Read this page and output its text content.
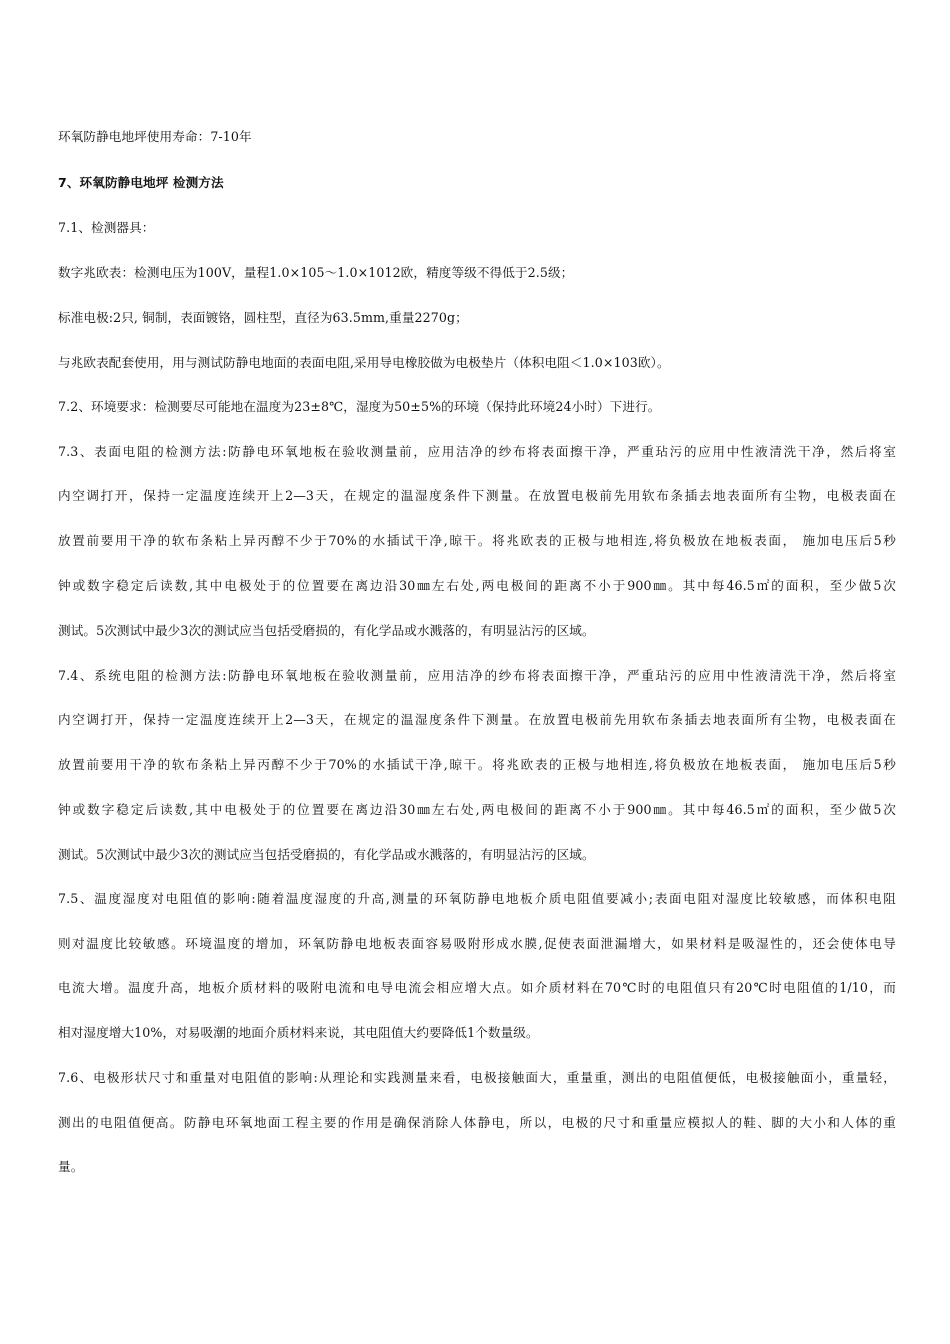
环氧防静电地坪使用寿命：7-10年
7、环氧防静电地坪 检测方法
7.1、检测器具：
数字兆欧表：检测电压为100V，量程1.0×105～1.0×1012欧，精度等级不得低于2.5级；
标准电极:2只, 铜制，表面镀铬，圆柱型，直径为63.5mm,重量2270g；
与兆欧表配套使用，用与测试防静电地面的表面电阻,采用导电橡胶做为电极垫片（体积电阻＜1.0×103欧）。
7.2、环境要求：检测要尽可能地在温度为23±8℃，湿度为50±5%的环境（保持此环境24小时）下进行。
7.3、表面电阻的检测方法:防静电环氧地板在验收测量前，应用洁净的纱布将表面擦干净，严重玷污的应用中性液清洗干净，然后将室
内空调打开，保持一定温度连续开上2—3天，在规定的温湿度条件下测量。在放置电极前先用软布条插去地表面所有尘物，电极表面在
放置前要用干净的软布条粘上异丙醇不少于70%的水插试干净,晾干。将兆欧表的正极与地相连,将负极放在地板表面， 施加电压后5秒
钟或数字稳定后读数,其中电极处于的位置要在离边沿30㎜左右处,两电极间的距离不小于900㎜。其中每46.5㎡的面积，至少做5次
测试。5次测试中最少3次的测试应当包括受磨损的，有化学品或水溅落的，有明显沾污的区域。
7.4、系统电阻的检测方法:防静电环氧地板在验收测量前，应用洁净的纱布将表面擦干净，严重玷污的应用中性液清洗干净，然后将室
内空调打开，保持一定温度连续开上2—3天，在规定的温湿度条件下测量。在放置电极前先用软布条插去地表面所有尘物，电极表面在
放置前要用干净的软布条粘上异丙醇不少于70%的水插试干净,晾干。将兆欧表的正极与地相连,将负极放在地板表面， 施加电压后5秒
钟或数字稳定后读数,其中电极处于的位置要在离边沿30㎜左右处,两电极间的距离不小于900㎜。其中每46.5㎡的面积，至少做5次
测试。5次测试中最少3次的测试应当包括受磨损的，有化学品或水溅落的，有明显沾污的区域。
7.5、温度湿度对电阻值的影响:随着温度湿度的升高,测量的环氧防静电地板介质电阻值要减小;表面电阻对湿度比较敏感，而体积电阻
则对温度比较敏感。环境温度的增加，环氧防静电地板表面容易吸附形成水膜,促使表面泄漏增大，如果材料是吸湿性的，还会使体电导
电流大增。温度升高，地板介质材料的吸附电流和电导电流会相应增大点。如介质材料在70℃时的电阻值只有20℃时电阻值的1/10，而
相对湿度增大10%，对易吸潮的地面介质材料来说，其电阻值大约要降低1个数量级。
7.6、电极形状尺寸和重量对电阻值的影响:从理论和实践测量来看，电极接触面大，重量重，测出的电阻值便低，电极接触面小，重量轻，
测出的电阻值便高。防静电环氧地面工程主要的作用是确保消除人体静电，所以，电极的尺寸和重量应模拟人的鞋、脚的大小和人体的重
量。
